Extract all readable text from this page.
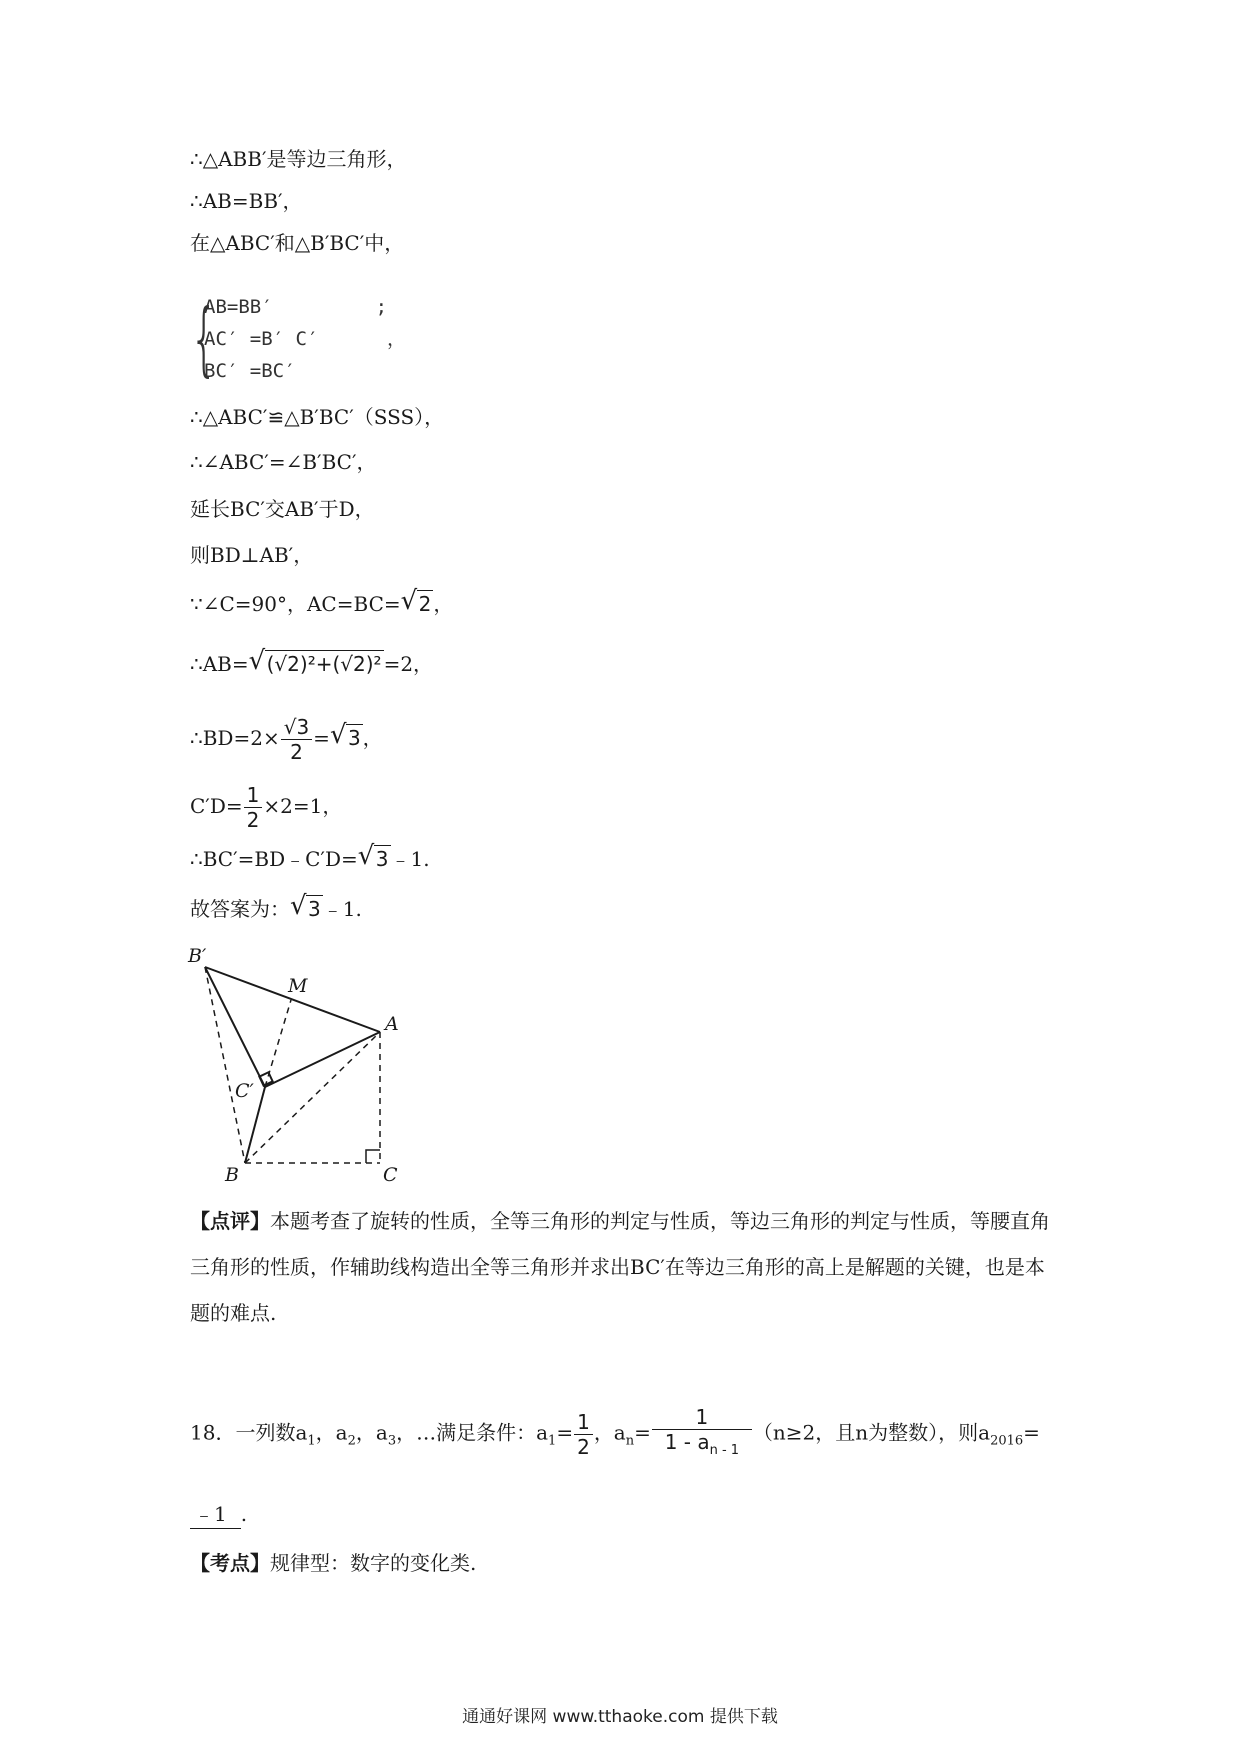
∴△ABB′是等边三角形，
∴AB=BB′，
在△ABC′和△B′BC′中，
{
AB=BB′         ;
AC′ =B′ C′      ，
BC′ =BC′
∴△ABC′≌△B′BC′（SSS），
∴∠ABC′=∠B′BC′，
延长BC′交AB′于D，
则BD⊥AB′，
∵∠C=90°，AC=BC= √ 2 ，
∴AB= √ (√2)²+(√2)² =2，
∴BD=2× $\frac{√3}{2}$ = √ 3 ，
$C'D= \frac{1}{2} \times 2=1$，
∴BC′=BD﹣C′D= √ 3 ﹣1.
故答案为： √ 3 ﹣1.
B′
M
A
C′
B	C
【点评】本题考查了旋转的性质，全等三角形的判定与性质，等边三角形的判定与性质，等腰直角三角形的性质，作辅助线构造出全等三角形并求出BC′在等边三角形的高上是解题的关键，也是本题的难点.
18．一列数$a_1$，$a_2$，$a_3$，…满足条件：$a_1= \frac{1}{2}$ ，$a_n= \frac{1}{1 - a_{n - 1}} (n\ge 2$，且n为整数），则$a_{2016}=$
﹣1 .
【考点】规律型：数字的变化类.
通通好课网 www.tthaoke.com 提供下载
